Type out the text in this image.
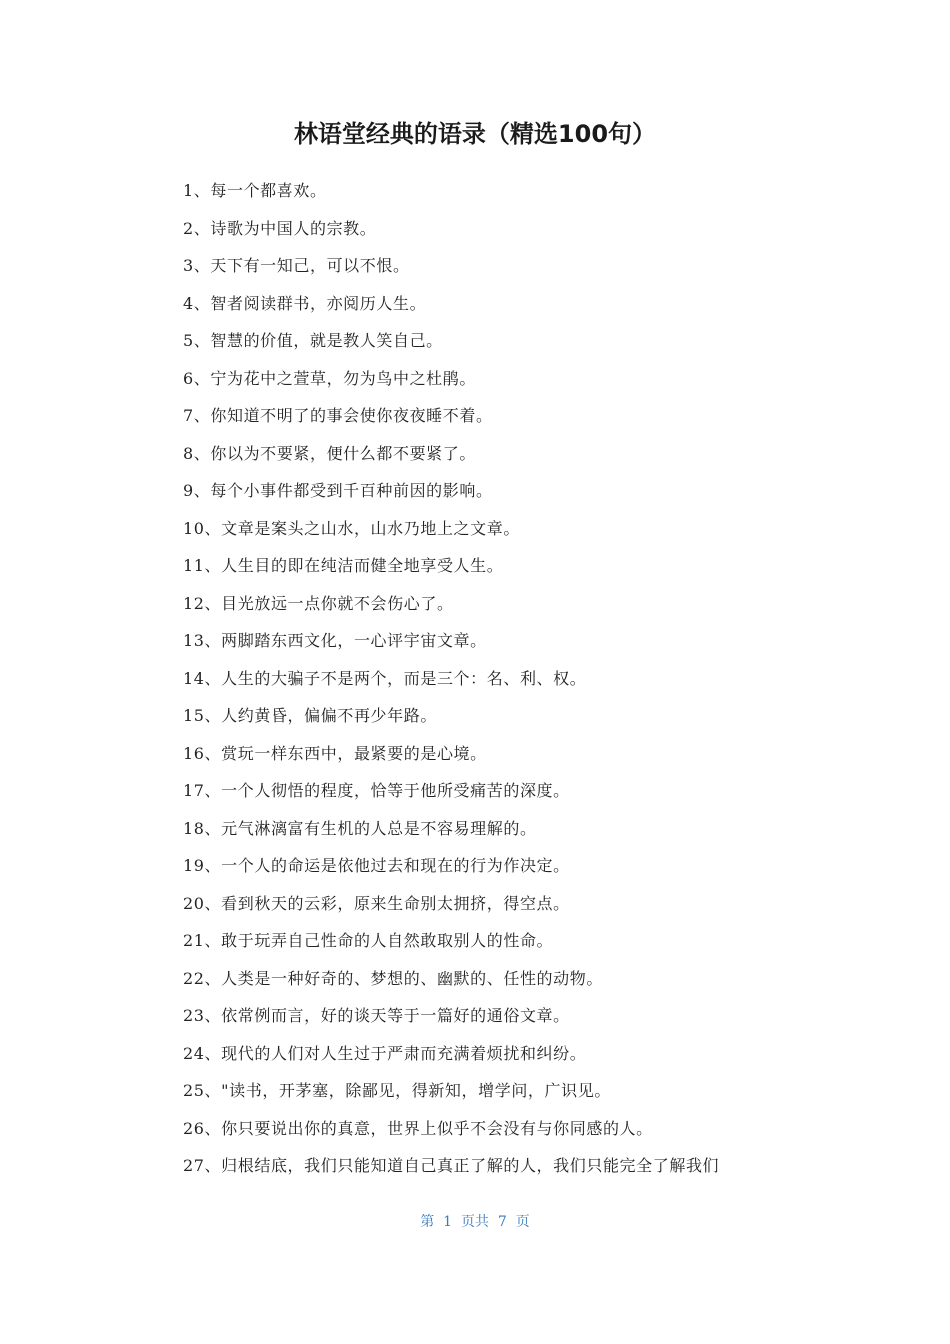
林语堂经典的语录（精选100句）
1、每一个都喜欢。
2、诗歌为中国人的宗教。
3、天下有一知己，可以不恨。
4、智者阅读群书，亦阅历人生。
5、智慧的价值，就是教人笑自己。
6、宁为花中之萱草，勿为鸟中之杜鹃。
7、你知道不明了的事会使你夜夜睡不着。
8、你以为不要紧，便什么都不要紧了。
9、每个小事件都受到千百种前因的影响。
10、文章是案头之山水，山水乃地上之文章。
11、人生目的即在纯洁而健全地享受人生。
12、目光放远一点你就不会伤心了。
13、两脚踏东西文化，一心评宇宙文章。
14、人生的大骗子不是两个，而是三个：名、利、权。
15、人约黄昏，偏偏不再少年路。
16、赏玩一样东西中，最紧要的是心境。
17、一个人彻悟的程度，恰等于他所受痛苦的深度。
18、元气淋漓富有生机的人总是不容易理解的。
19、一个人的命运是依他过去和现在的行为作决定。
20、看到秋天的云彩，原来生命别太拥挤，得空点。
21、敢于玩弄自己性命的人自然敢取别人的性命。
22、人类是一种好奇的、梦想的、幽默的、任性的动物。
23、依常例而言，好的谈天等于一篇好的通俗文章。
24、现代的人们对人生过于严肃而充满着烦扰和纠纷。
25、"读书，开茅塞，除鄙见，得新知，增学问，广识见。
26、你只要说出你的真意，世界上似乎不会没有与你同感的人。
27、归根结底，我们只能知道自己真正了解的人，我们只能完全了解我们
第  1  页共  7  页
